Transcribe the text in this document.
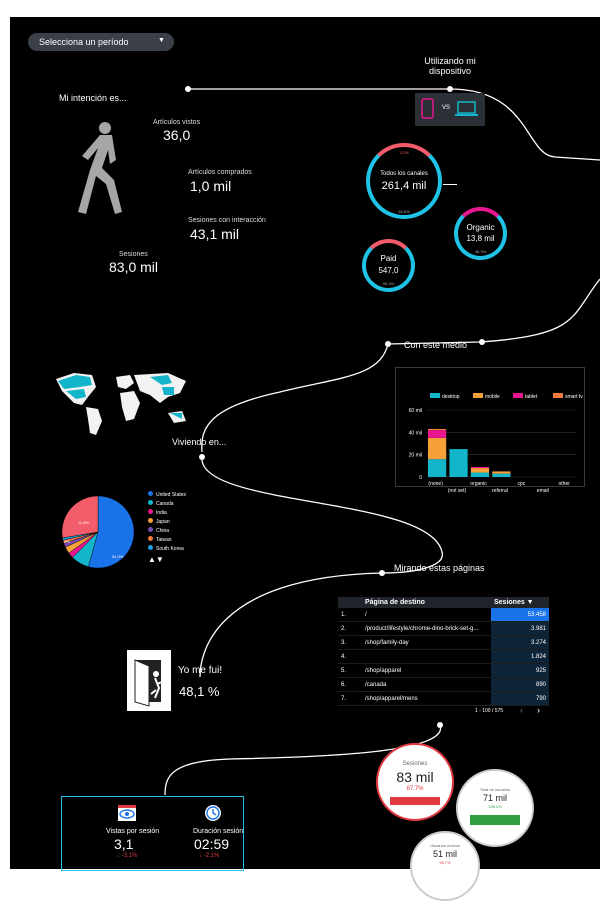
Selecciona un período	▼
Mi intención es...
Artículos vistos
36,0
Artículos comprados
1,0 mil
Sesiones con interacción
43,1 mil
Sesiones
83,0 mil
Utilizando mi
dispositivo
VS
3,2%
Todos los canales
261,4 mil
63,6%
Organic
13,8 mil
48,3%
Paid
547,0
95,3%
Con este medio
desktop	mobile	tablet	smart tv
60 mil
40 mil
20 mil
0
(none)
(not set)
organic
referral
cpc
email
other
Viviendo en...
54,3%
11,6%
5%
United States
Canada
India
Japan
China
Taiwan
South Korea
▲▼
Mirando estas páginas
	Página de destino	Sesiones ▼
1.	/	53.458
2.	/product/lifestyle/chrome-dino-brick-set-g...	3.981
3.	/shop/family-day	3.274
4.		1.824
5.	/shop/apparel	925
6.	/canada	890
7.	/shop/apparel/mens	790
1 - 100 / 575 ‹ ›
Yo me fui!
48,1 %
Vistas por sesión
3,1
↓ -3,1%
Duración sesión
02:59
↓ -2,1%
Sesiones
83 mil
87,7%	Total de usuarios
71 mil
135,0%
Usuarios nuevos
51 mil
95,7%
